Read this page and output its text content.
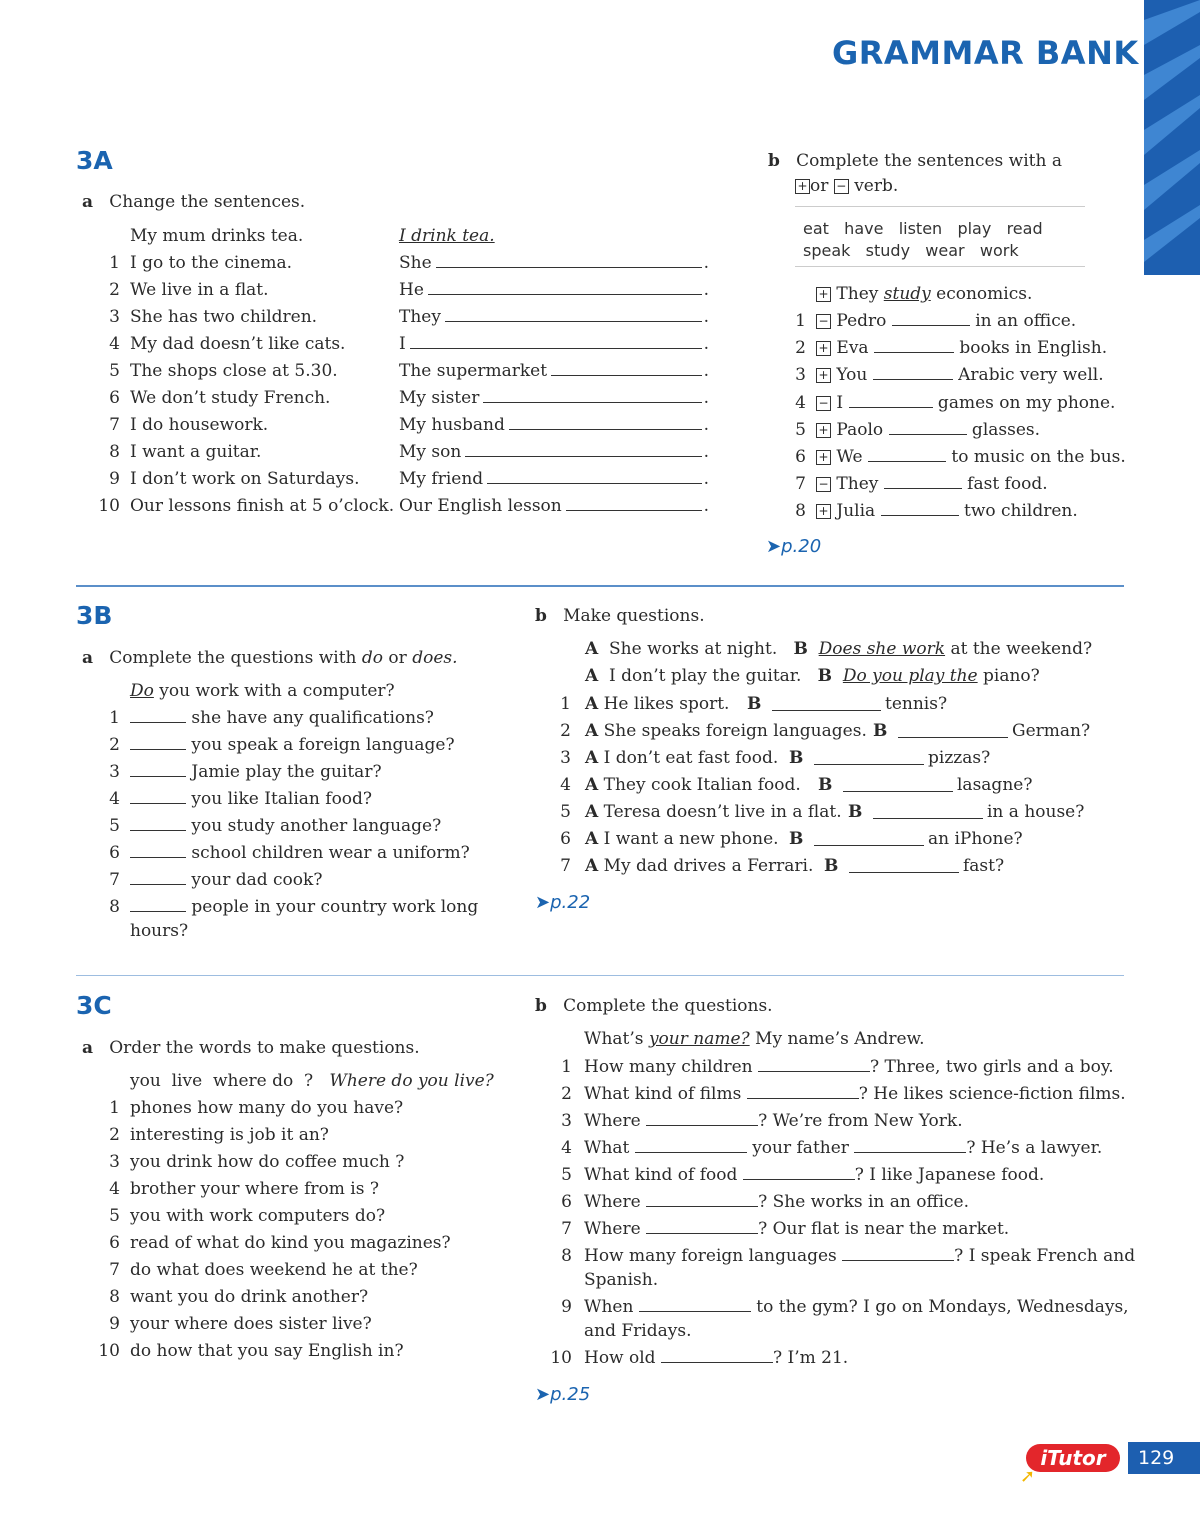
GRAMMAR BANK
3A
a Change the sentences.
My mum drinks tea.	I drink tea.
1 I go to the cinema.	She	.
2 We live in a flat.	He	.
3 She has two children.	They	.
4 My dad doesn’t like cats.	I	.
5 The shops close at 5.30.	The supermarket	.
6 We don’t study French.	My sister	.
7 I do housework.	My husband	.
8 I want a guitar.	My son	.
9 I don’t work on Saturdays. My friend	.
10 Our lessons finish at 5 o’clock. Our English lesson	.
b Complete the sentences with a
+ or − verb.
eat   have   listen   play   read
speak   study   wear   work
+ They study economics.
1 − Pedro	in an office.
2 + Eva	books in English.
3 + You	Arabic very well.
4 − I	games on my phone.
5 + Paolo	glasses.
6 + We	to music on the bus.
7 − They	fast food.
8 + Julia	two children.
➤p.20
3B
a Complete the questions with do or does.
Do you work with a computer?
1	she have any qualifications?
2	you speak a foreign language?
3	Jamie play the guitar?
4	you like Italian food?
5	you study another language?
6	school children wear a uniform?
7	your dad cook?
8	people in your country work long
hours?
b Make questions.
A She works at night. B Does she work at the weekend?
A I don’t play the guitar. B Do you play the piano?
1 A He likes sport. B	tennis?
2 A She speaks foreign languages. B	German?
3 A I don’t eat fast food. B	pizzas?
4 A They cook Italian food. B	lasagne?
5 A Teresa doesn’t live in a flat. B	in a house?
6 A I want a new phone. B	an iPhone?
7 A My dad drives a Ferrari. B	fast?
➤p.22
3C
a Order the words to make questions.
you  live  where do  ? Where do you live?
1 phones how many do you have?
2 interesting is job it an?
3 you drink how do coffee much ?
4 brother your where from is ?
5 you with work computers do?
6 read of what do kind you magazines?
7 do what does weekend he at the?
8 want you do drink another?
9 your where does sister live?
10 do how that you say English in?
b Complete the questions.
What’s your name? My name’s Andrew.
1 How many children	? Three, two girls and a boy.
2 What kind of films	? He likes science-fiction films.
3 Where	? We’re from New York.
4 What	your father	? He’s a lawyer.
5 What kind of food	? I like Japanese food.
6 Where	? She works in an office.
7 Where	? Our flat is near the market.
8 How many foreign languages	? I speak French and
Spanish.
9 When	to the gym? I go on Mondays, Wednesdays,
and Fridays.
10 How old	? I’m 21.
➤p.25
iTutor
➚
129
